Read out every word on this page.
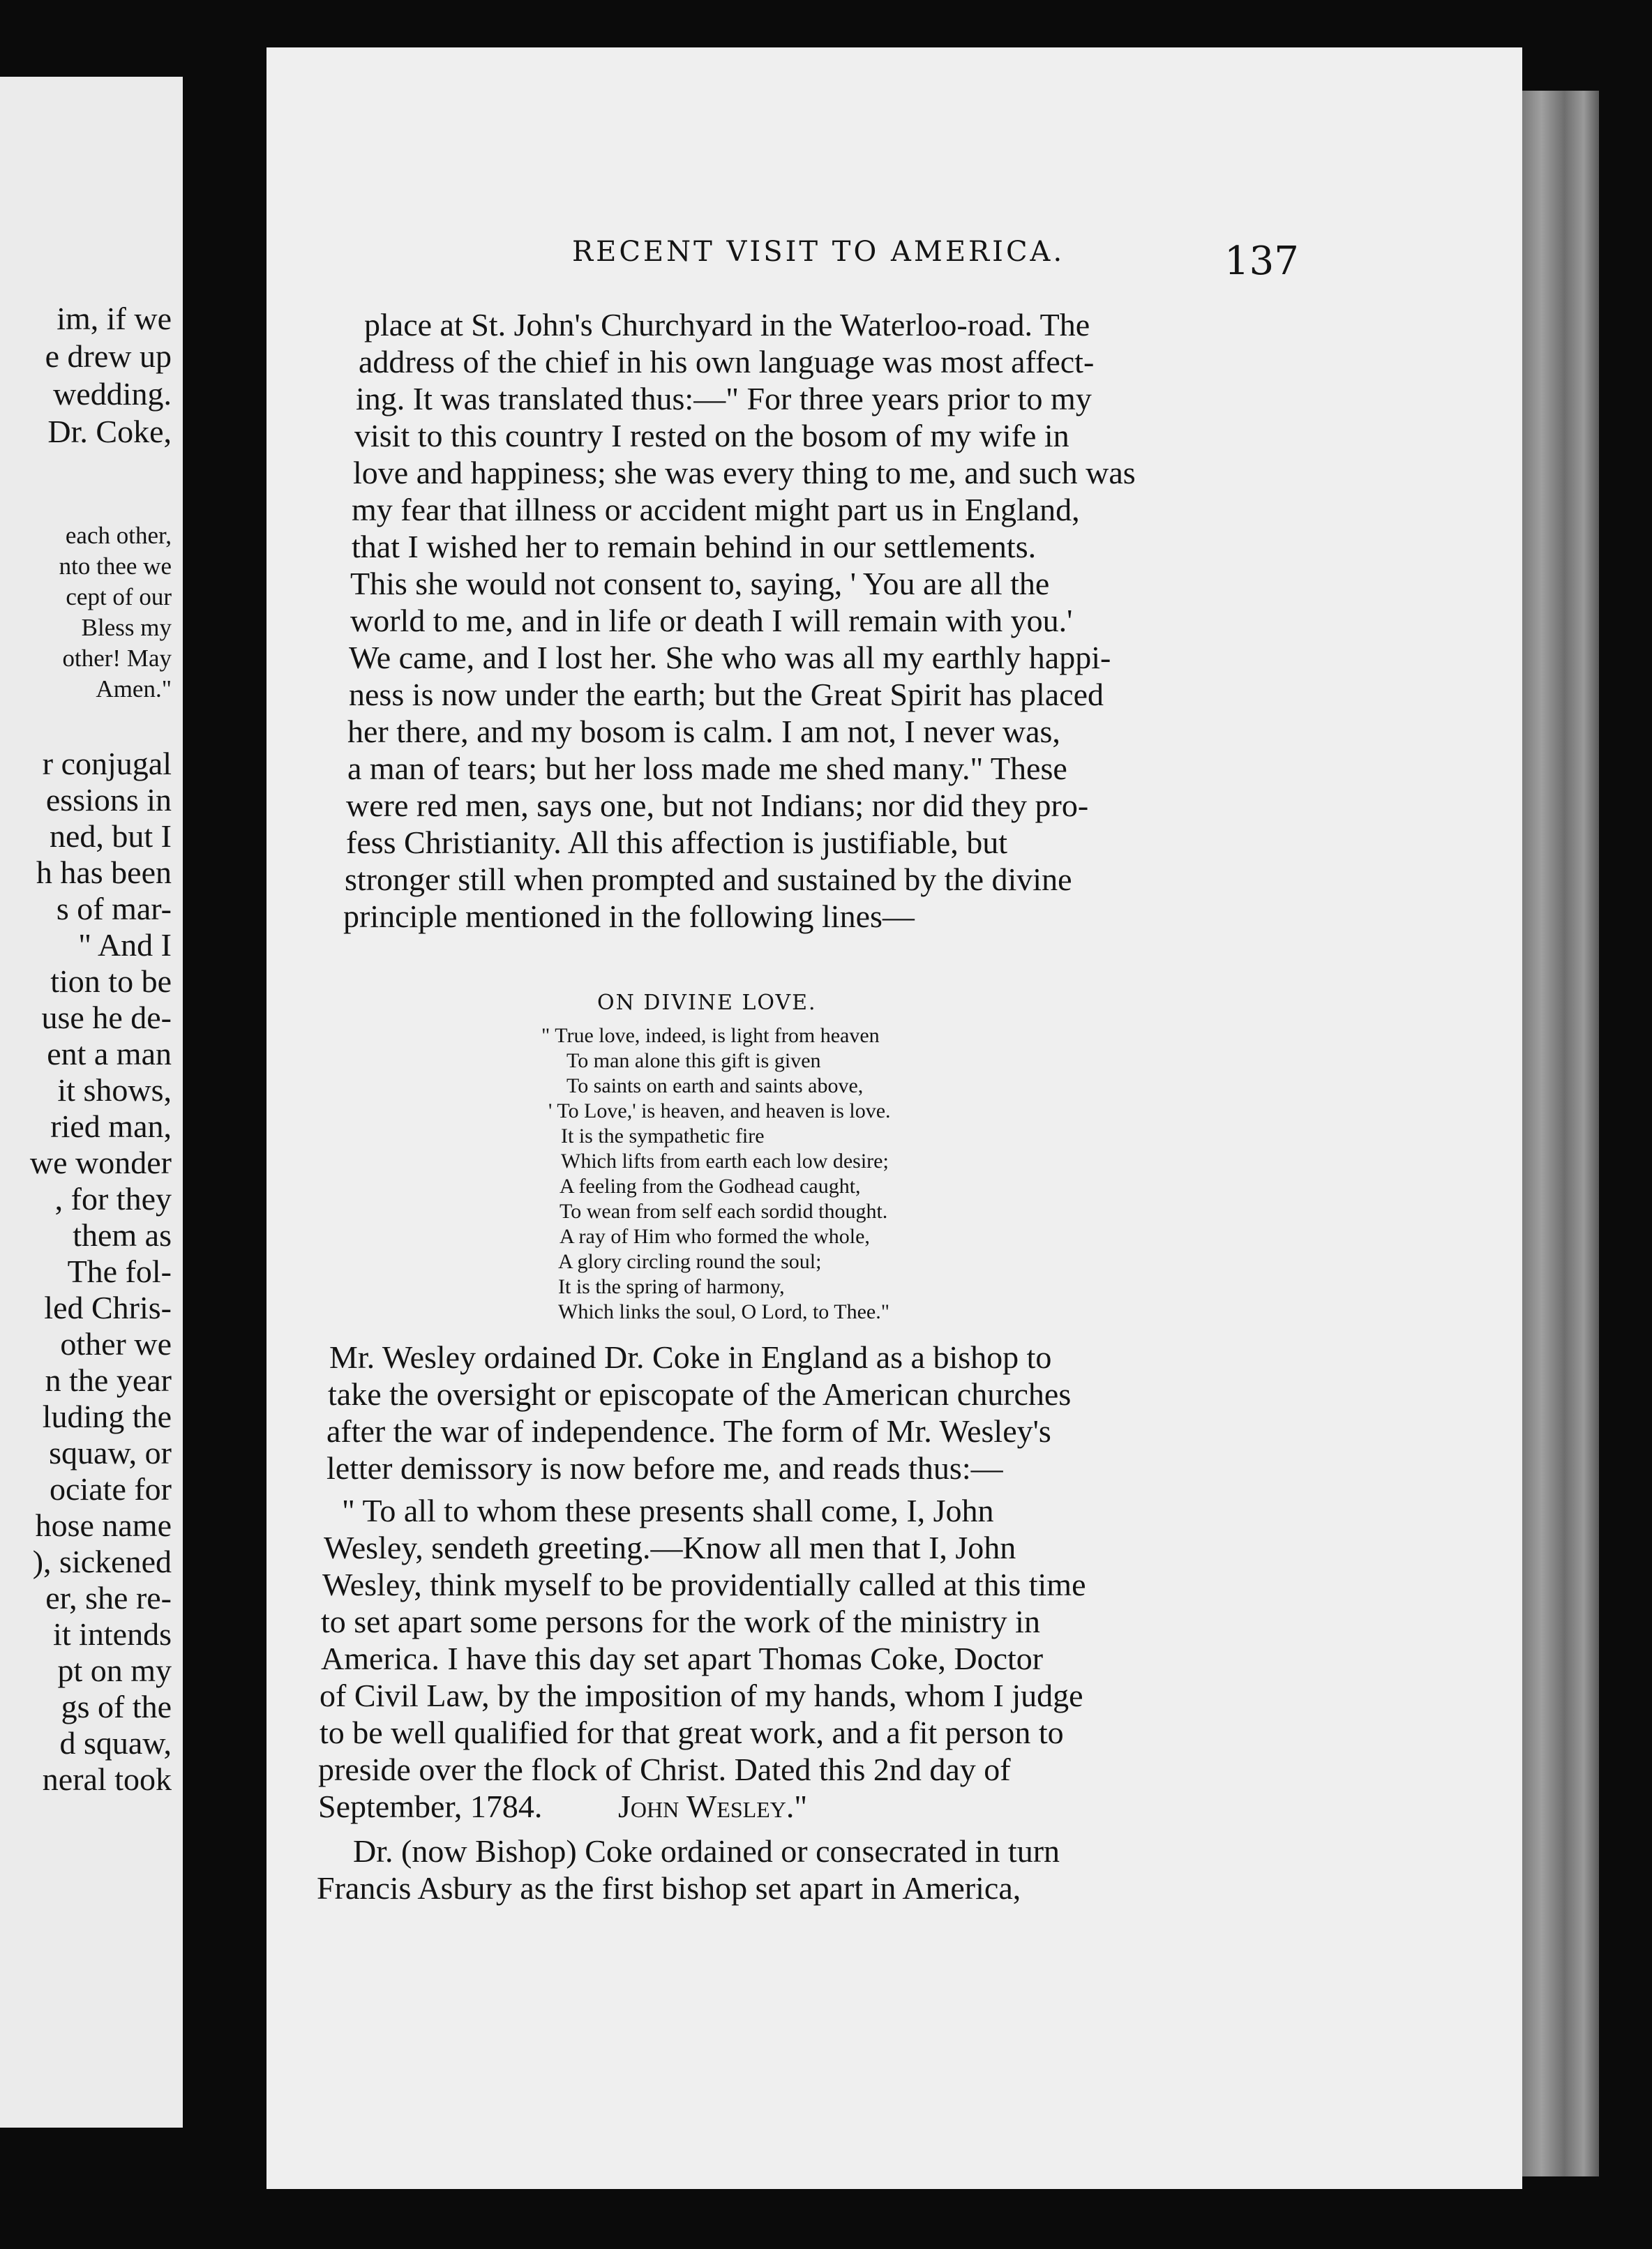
im, if we
e drew up
wedding.
Dr. Coke,
each other,
nto thee we
cept of our
Bless my
other! May
Amen."
r conjugal
essions in
ned, but I
h has been
s of mar-
" And I
tion to be
use he de-
ent a man
it shows,
ried man,
we wonder
, for they
them as
The fol-
led Chris-
other we
n the year
luding the
squaw, or
ociate for
hose name
), sickened
er, she re-
it intends
pt on my
gs of the
d squaw,
neral took
RECENT VISIT TO AMERICA.	137
place at St. John's Churchyard in the Waterloo-road. The
address of the chief in his own language was most affect-
ing. It was translated thus:—" For three years prior to my
visit to this country I rested on the bosom of my wife in
love and happiness; she was every thing to me, and such was
my fear that illness or accident might part us in England,
that I wished her to remain behind in our settlements.
This she would not consent to, saying, ' You are all the
world to me, and in life or death I will remain with you.'
We came, and I lost her. She who was all my earthly happi-
ness is now under the earth; but the Great Spirit has placed
her there, and my bosom is calm. I am not, I never was,
a man of tears; but her loss made me shed many." These
were red men, says one, but not Indians; nor did they pro-
fess Christianity. All this affection is justifiable, but
stronger still when prompted and sustained by the divine
principle mentioned in the following lines—
ON DIVINE LOVE.
" True love, indeed, is light from heaven
To man alone this gift is given
To saints on earth and saints above,
' To Love,' is heaven, and heaven is love.
It is the sympathetic fire
Which lifts from earth each low desire;
A feeling from the Godhead caught,
To wean from self each sordid thought.
A ray of Him who formed the whole,
A glory circling round the soul;
It is the spring of harmony,
Which links the soul, O Lord, to Thee."
Mr. Wesley ordained Dr. Coke in England as a bishop to
take the oversight or episcopate of the American churches
after the war of independence. The form of Mr. Wesley's
letter demissory is now before me, and reads thus:—
" To all to whom these presents shall come, I, John
Wesley, sendeth greeting.—Know all men that I, John
Wesley, think myself to be providentially called at this time
to set apart some persons for the work of the ministry in
America. I have this day set apart Thomas Coke, Doctor
of Civil Law, by the imposition of my hands, whom I judge
to be well qualified for that great work, and a fit person to
preside over the flock of Christ. Dated this 2nd day of
September, 1784. John Wesley."
Dr. (now Bishop) Coke ordained or consecrated in turn
Francis Asbury as the first bishop set apart in America,
